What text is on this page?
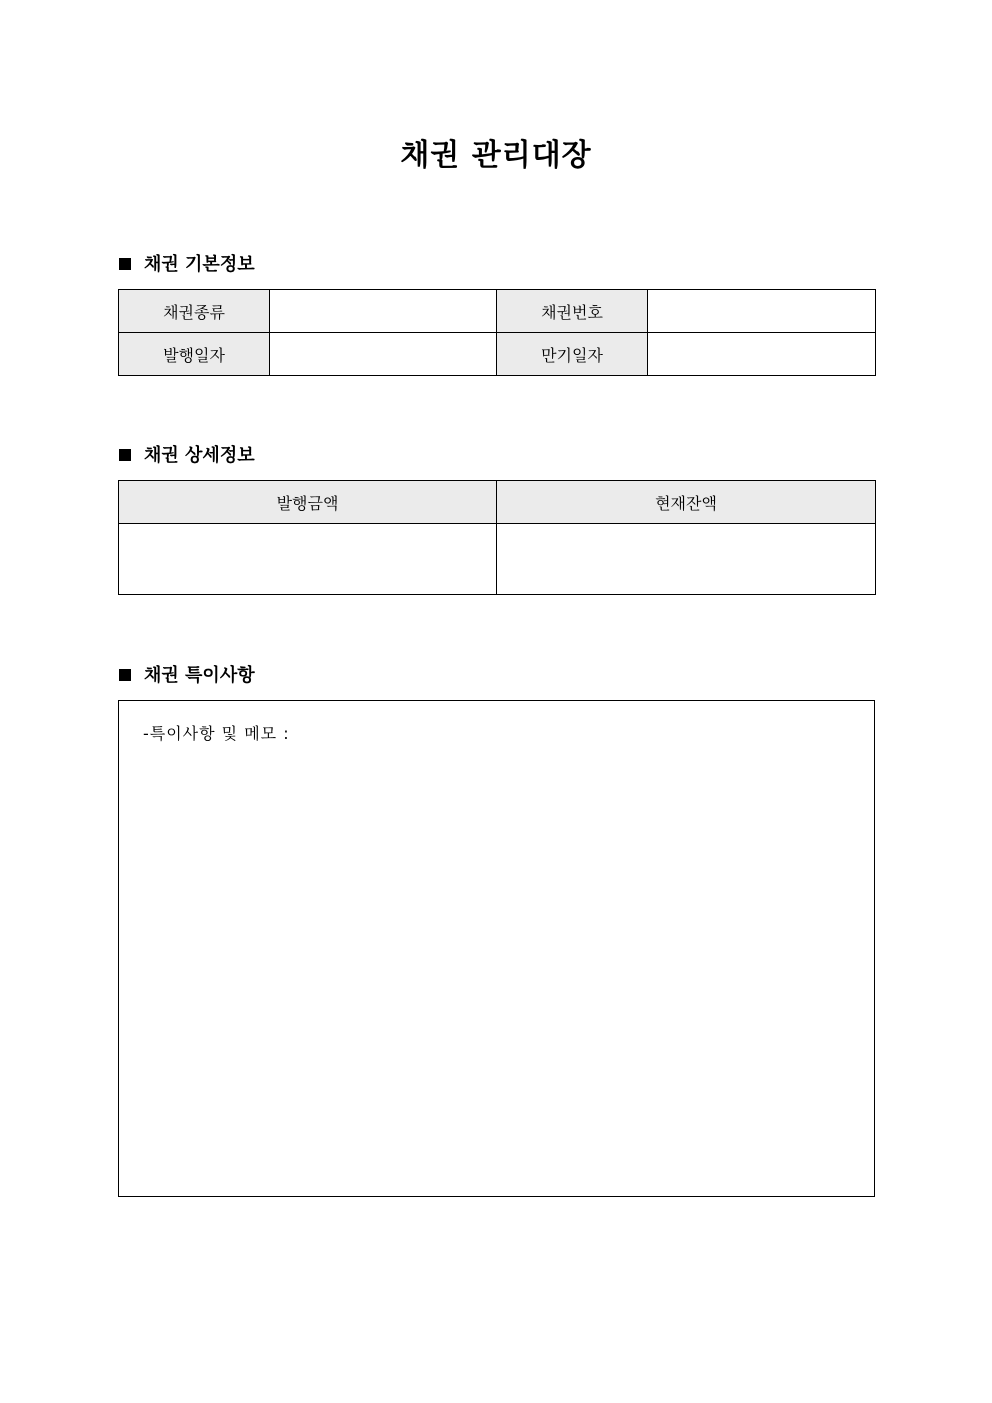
채권 관리대장
채권 기본정보
채권종류		채권번호	
발행일자		만기일자	
채권 상세정보
발행금액	현재잔액

채권 특이사항
-특이사항 및 메모 :
